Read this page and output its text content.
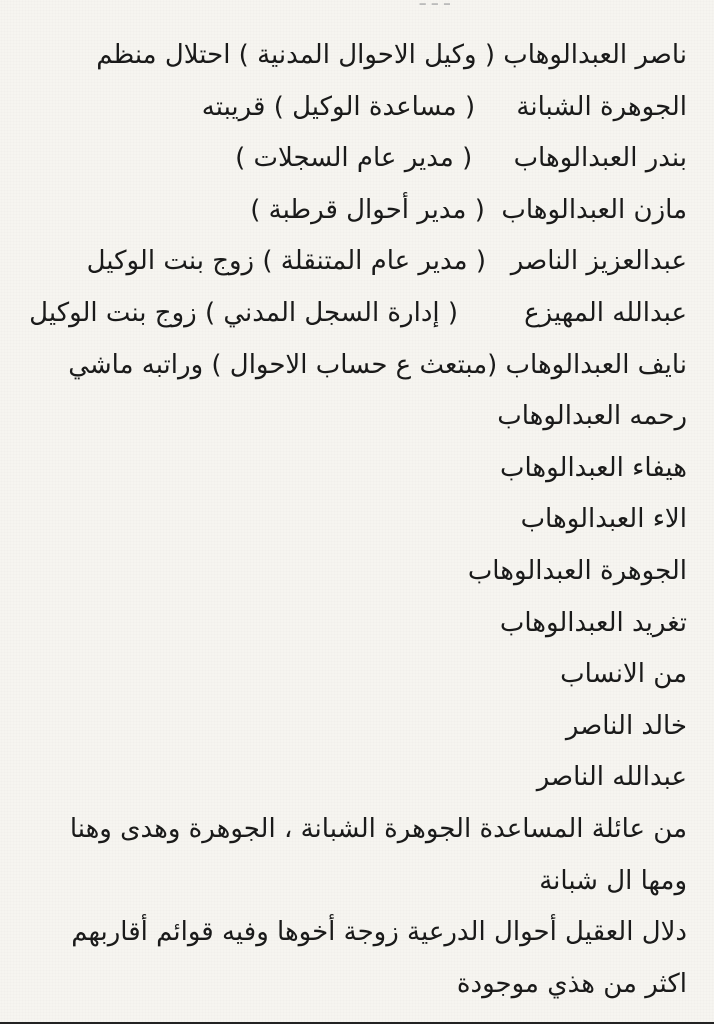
ناصر العبدالوهاب ( وكيل الاحوال المدنية ) احتلال منظم
الجوهرة الشبانة     ( مساعدة الوكيل ) قريبته
بندر العبدالوهاب     ( مدير عام السجلات )
مازن العبدالوهاب  ( مدير أحوال قرطبة )
عبدالعزيز الناصر   ( مدير عام المتنقلة ) زوج بنت الوكيل
عبدالله المهيزع        ( إدارة السجل المدني ) زوج بنت الوكيل
نايف العبدالوهاب (مبتعث ع حساب الاحوال ) وراتبه ماشي
رحمه العبدالوهاب
هيفاء العبدالوهاب
الاء العبدالوهاب
الجوهرة العبدالوهاب
تغريد العبدالوهاب
من الانساب
خالد الناصر
عبدالله الناصر
من عائلة المساعدة الجوهرة الشبانة ، الجوهرة وهدى وهنا
ومها ال شبانة
دلال العقيل أحوال الدرعية زوجة أخوها وفيه قوائم أقاربهم
اكثر من هذي موجودة
